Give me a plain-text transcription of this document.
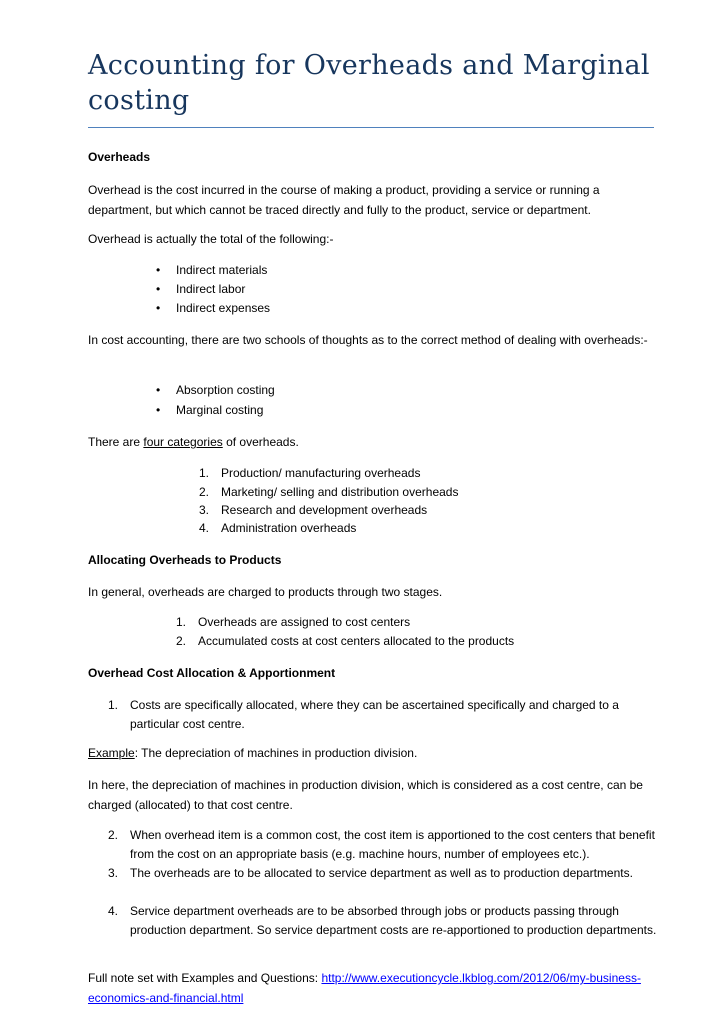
Accounting for Overheads and Marginal costing
Overheads
Overhead is the cost incurred in the course of making a product, providing a service or running a department, but which cannot be traced directly and fully to the product, service or department.
Overhead is actually the total of the following:-
• Indirect materials
• Indirect labor
• Indirect expenses
In cost accounting, there are two schools of thoughts as to the correct method of dealing with overheads:-
• Absorption costing
• Marginal costing
There are four categories of overheads.
1. Production/ manufacturing overheads
2. Marketing/ selling and distribution overheads
3. Research and development overheads
4. Administration overheads
Allocating Overheads to Products
In general, overheads are charged to products through two stages.
1. Overheads are assigned to cost centers
2. Accumulated costs at cost centers allocated to the products
Overhead Cost Allocation & Apportionment
1. Costs are specifically allocated, where they can be ascertained specifically and charged to a particular cost centre.
Example: The depreciation of machines in production division.
In here, the depreciation of machines in production division, which is considered as a cost centre, can be charged (allocated) to that cost centre.
2. When overhead item is a common cost, the cost item is apportioned to the cost centers that benefit from the cost on an appropriate basis (e.g. machine hours, number of employees etc.).
3. The overheads are to be allocated to service department as well as to production departments.
4. Service department overheads are to be absorbed through jobs or products passing through production department. So service department costs are re-apportioned to production departments.
Full note set with Examples and Questions: http://www.executioncycle.lkblog.com/2012/06/my-business-economics-and-financial.html
